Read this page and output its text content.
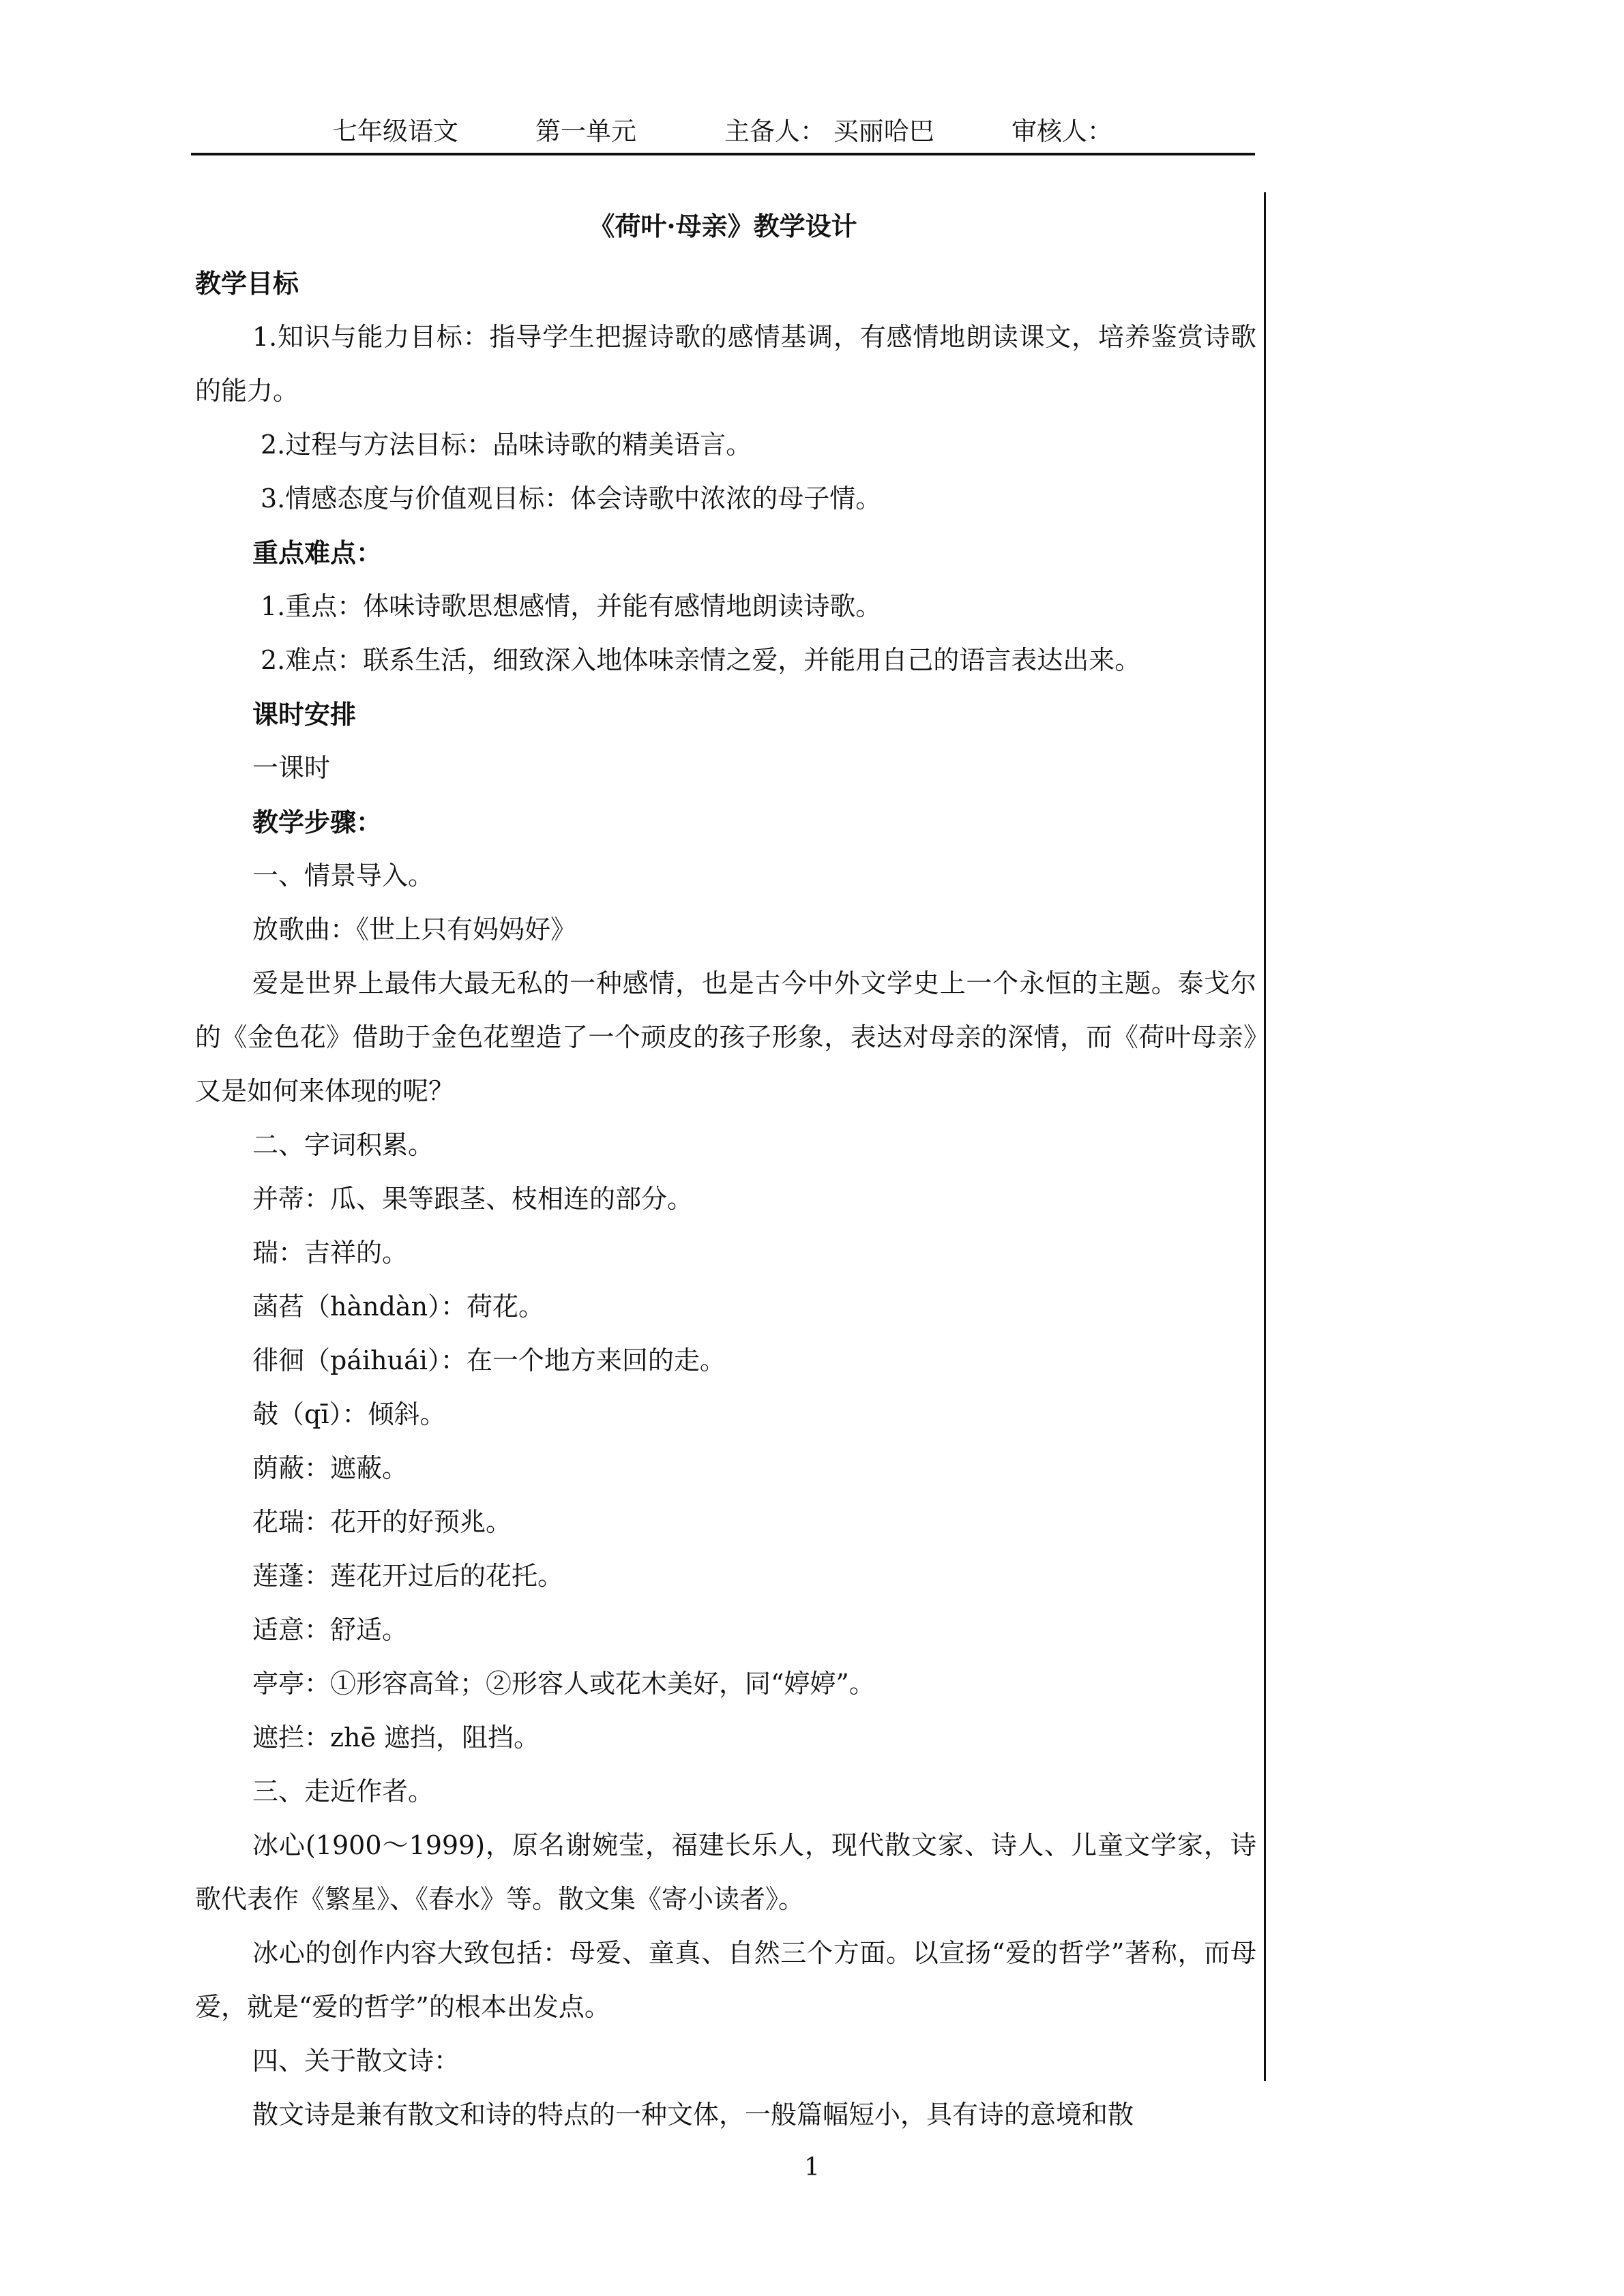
七年级语文	第一单元	主备人： 买丽哈巴	审核人：
《荷叶·母亲》教学设计

教学目标

1.知识与能力目标：指导学生把握诗歌的感情基调，有感情地朗读课文，培养鉴赏诗歌的能力。

2.过程与方法目标：品味诗歌的精美语言。

3.情感态度与价值观目标：体会诗歌中浓浓的母子情。

重点难点：

1.重点：体味诗歌思想感情，并能有感情地朗读诗歌。

2.难点：联系生活，细致深入地体味亲情之爱，并能用自己的语言表达出来。

课时安排

一课时

教学步骤：

一、情景导入。

放歌曲：《世上只有妈妈好》

爱是世界上最伟大最无私的一种感情，也是古今中外文学史上一个永恒的主题。泰戈尔的《金色花》借助于金色花塑造了一个顽皮的孩子形象，表达对母亲的深情，而《荷叶母亲》又是如何来体现的呢？

二、字词积累。

并蒂：瓜、果等跟茎、枝相连的部分。

瑞：吉祥的。

菡萏（hàndàn）：荷花。

徘徊（páihuái）：在一个地方来回的走。

攲（qī）：倾斜。

荫蔽：遮蔽。

花瑞：花开的好预兆。

莲蓬：莲花开过后的花托。

适意：舒适。

亭亭：①形容高耸；②形容人或花木美好，同“婷婷”。

遮拦：zhē 遮挡，阻挡。

三、走近作者。

冰心(1900～1999)，原名谢婉莹，福建长乐人，现代散文家、诗人、儿童文学家，诗歌代表作《繁星》、《春水》等。散文集《寄小读者》。

冰心的创作内容大致包括：母爱、童真、自然三个方面。以宣扬“爱的哲学”著称，而母爱，就是“爱的哲学”的根本出发点。

四、关于散文诗：

散文诗是兼有散文和诗的特点的一种文体，一般篇幅短小，具有诗的意境和散

1
